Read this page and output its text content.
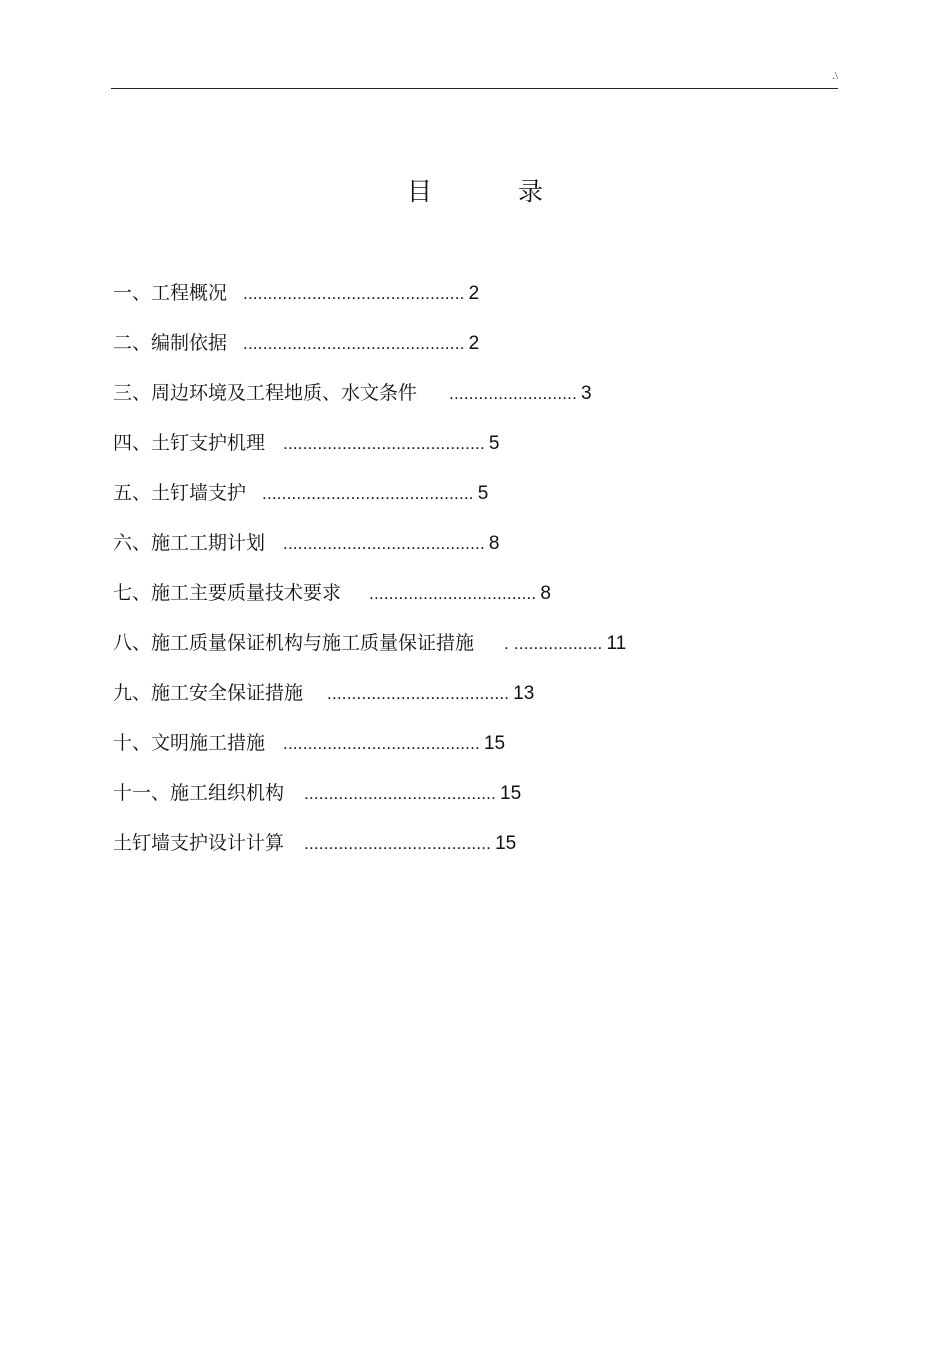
.\
目	录
一、工程概况 ............................................. 2
二、编制依据 ............................................. 2
三、周边环境及工程地质、水文条件 .......................... 3
四、土钉支护机理 ......................................... 5
五、土钉墙支护 ........................................... 5
六、施工工期计划 ......................................... 8
七、施工主要质量技术要求 .................................. 8
八、施工质量保证机构与施工质量保证措施 . .................. 11
九、施工安全保证措施 ..................................... 13
十、文明施工措施 ........................................ 15
十一、施工组织机构 ....................................... 15
土钉墙支护设计计算 ...................................... 15
